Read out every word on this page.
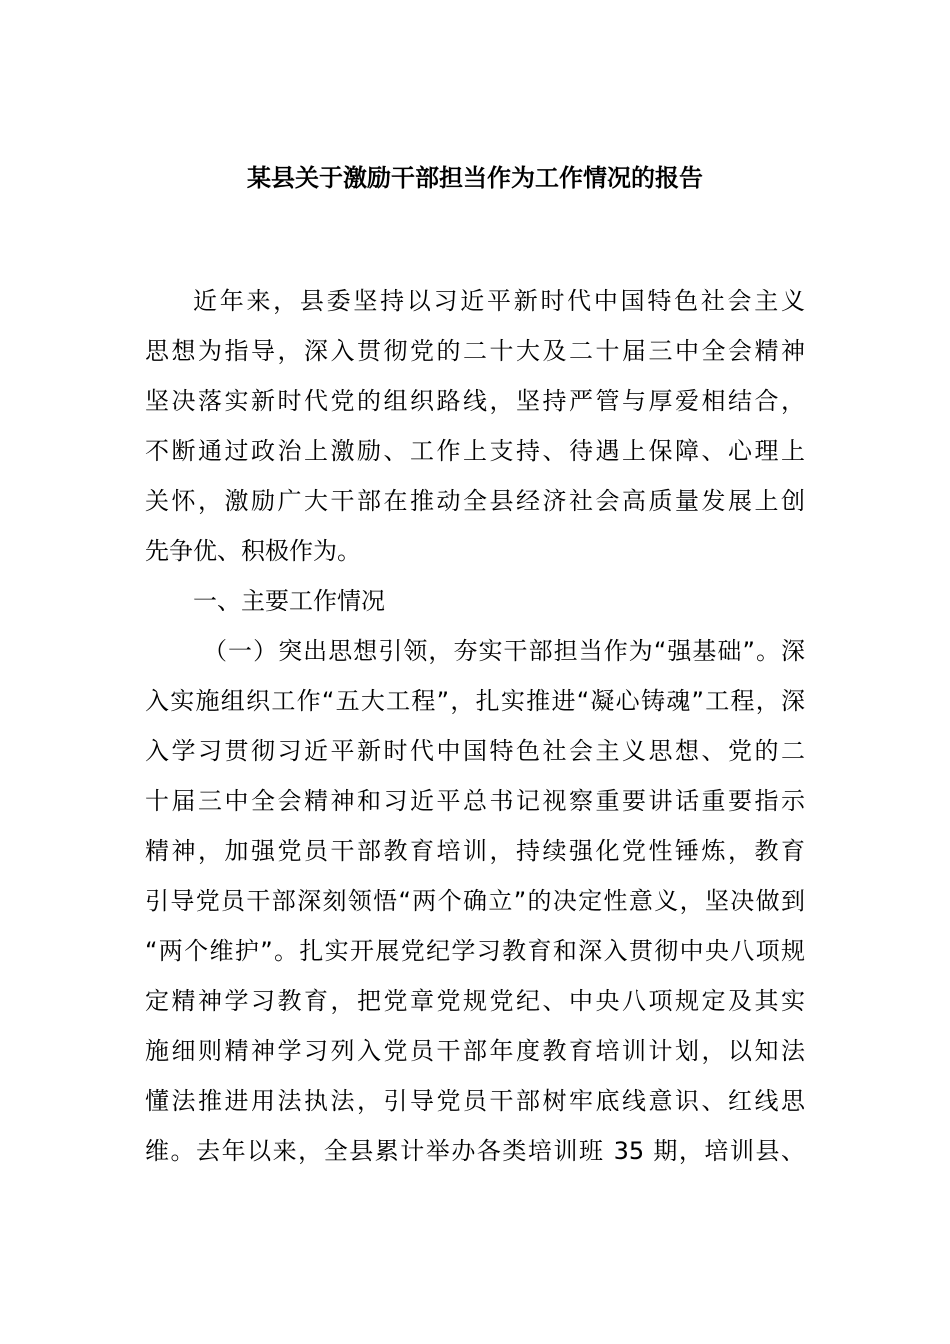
某县关于激励干部担当作为工作情况的报告

近年来，县委坚持以习近平新时代中国特色社会主义

思想为指导，深入贯彻党的二十大及二十届三中全会精神

坚决落实新时代党的组织路线，坚持严管与厚爱相结合，

不断通过政治上激励、工作上支持、待遇上保障、心理上

关怀，激励广大干部在推动全县经济社会高质量发展上创

先争优、积极作为。

一、主要工作情况

（一）突出思想引领，夯实干部担当作为“强基础”。深

入实施组织工作“五大工程”，扎实推进“凝心铸魂”工程，深

入学习贯彻习近平新时代中国特色社会主义思想、党的二

十届三中全会精神和习近平总书记视察重要讲话重要指示

精神，加强党员干部教育培训，持续强化党性锤炼，教育

引导党员干部深刻领悟“两个确立”的决定性意义，坚决做到

“两个维护”。扎实开展党纪学习教育和深入贯彻中央八项规

定精神学习教育，把党章党规党纪、中央八项规定及其实

施细则精神学习列入党员干部年度教育培训计划，以知法

懂法推进用法执法，引导党员干部树牢底线意识、红线思

维。去年以来，全县累计举办各类培训班 35 期，培训县、
